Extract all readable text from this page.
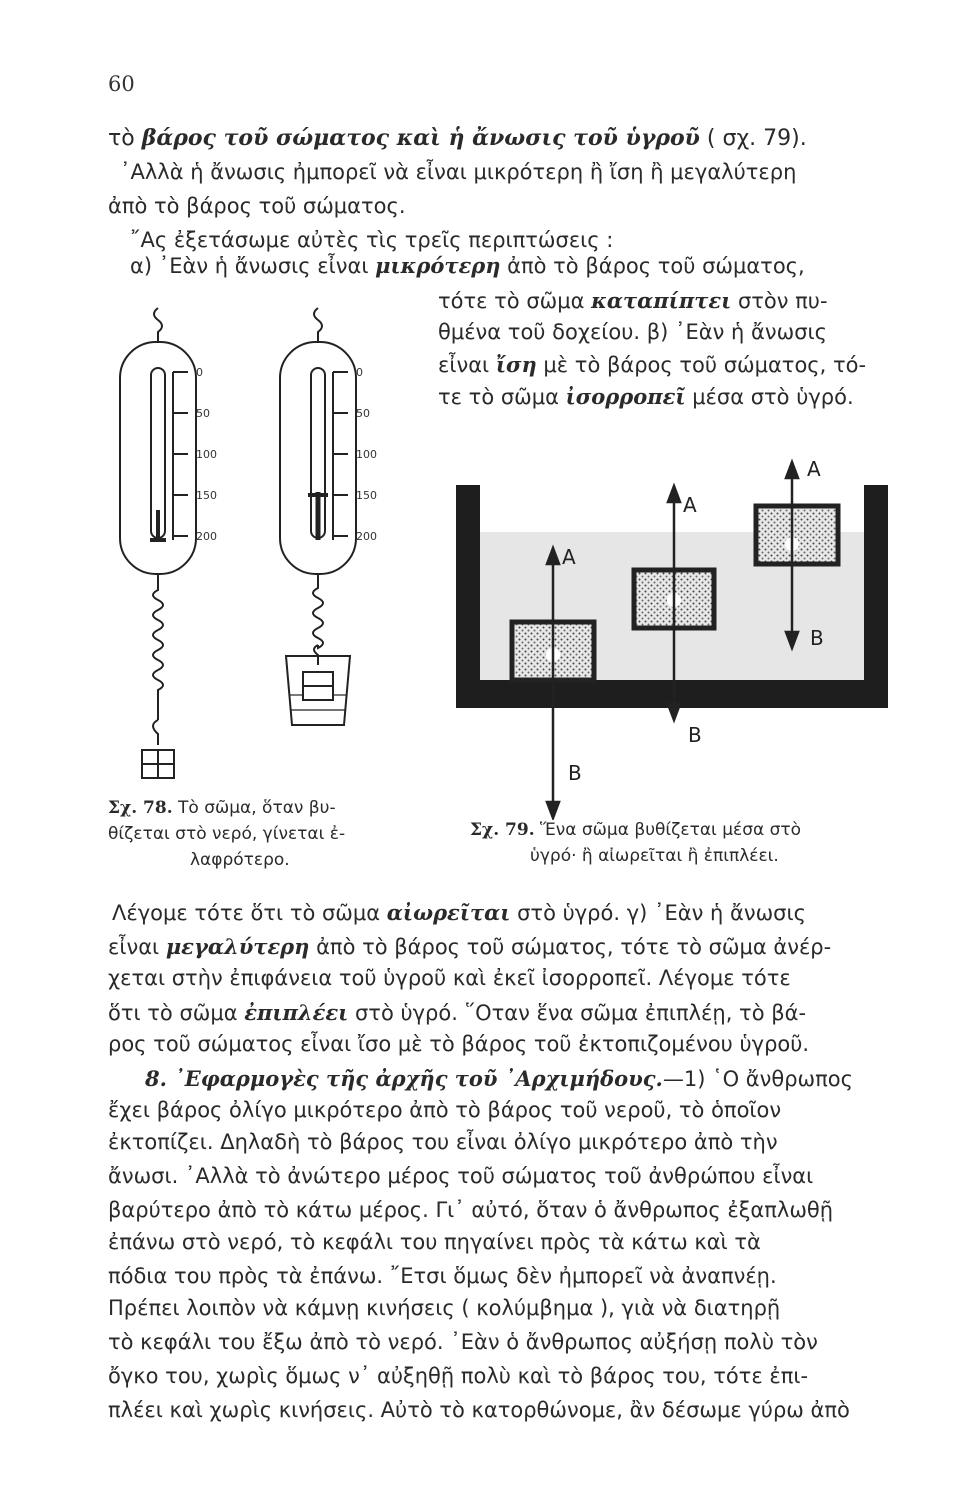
60
τὸ βάρος τοῦ σώματος καὶ ἡ ἄνωσις τοῦ ὑγροῦ ( σχ. 79).
᾿Αλλὰ ἡ ἄνωσις ἠμπορεῖ νὰ εἶναι μικρότερη ἢ ἴση ἢ μεγαλύτερη
ἀπὸ τὸ βάρος τοῦ σώματος.
῎Ας ἐξετάσωμε αὐτὲς τὶς τρεῖς περιπτώσεις :
α) ᾿Εὰν ἡ ἄνωσις εἶναι μικρότερη ἀπὸ τὸ βάρος τοῦ σώματος,
τότε τὸ σῶμα καταπίπτει στὸν πυ-
θμένα τοῦ δοχείου. β) ᾿Εὰν ἡ ἄνωσις
εἶναι ἴση μὲ τὸ βάρος τοῦ σώματος, τό-
τε τὸ σῶμα ἰσορροπεῖ μέσα στὸ ὑγρό.
0
50
100
150
200
0
50
100
150
200
Σχ. 78. Τὸ σῶμα, ὅταν βυ-
θίζεται στὸ νερό, γίνεται ἐ-
λαφρότερο.
A
A
A
B
B
B
Σχ. 79. Ἕνα σῶμα βυθίζεται μέσα στὸ
ὑγρό· ἢ αἰωρεῖται ἢ ἐπιπλέει.
Λέγομε τότε ὅτι τὸ σῶμα αἰωρεῖται στὸ ὑγρό. γ) ᾿Εὰν ἡ ἄνωσις
εἶναι μεγαλύτερη ἀπὸ τὸ βάρος τοῦ σώματος, τότε τὸ σῶμα ἀνέρ-
χεται στὴν ἐπιφάνεια τοῦ ὑγροῦ καὶ ἐκεῖ ἰσορροπεῖ. Λέγομε τότε
ὅτι τὸ σῶμα ἐπιπλέει στὸ ὑγρό. ῞Οταν ἕνα σῶμα ἐπιπλέῃ, τὸ βά-
ρος τοῦ σώματος εἶναι ἴσο μὲ τὸ βάρος τοῦ ἐκτοπιζομένου ὑγροῦ.
8. ᾿Εφαρμογὲς τῆς ἀρχῆς τοῦ ᾿Αρχιμήδους.—1) ῾Ο ἄνθρωπος
ἔχει βάρος ὀλίγο μικρότερο ἀπὸ τὸ βάρος τοῦ νεροῦ, τὸ ὁποῖον
ἐκτοπίζει. Δηλαδὴ τὸ βάρος του εἶναι ὀλίγο μικρότερο ἀπὸ τὴν
ἄνωσι. ᾿Αλλὰ τὸ ἀνώτερο μέρος τοῦ σώματος τοῦ ἀνθρώπου εἶναι
βαρύτερο ἀπὸ τὸ κάτω μέρος. Γι᾿ αὐτό, ὅταν ὁ ἄνθρωπος ἐξαπλωθῇ
ἐπάνω στὸ νερό, τὸ κεφάλι του πηγαίνει πρὸς τὰ κάτω καὶ τὰ
πόδια του πρὸς τὰ ἐπάνω. ῎Ετσι ὅμως δὲν ἠμπορεῖ νὰ ἀναπνέῃ.
Πρέπει λοιπὸν νὰ κάμνῃ κινήσεις ( κολύμβημα ), γιὰ νὰ διατηρῇ
τὸ κεφάλι του ἔξω ἀπὸ τὸ νερό. ᾿Εὰν ὁ ἄνθρωπος αὐξήσῃ πολὺ τὸν
ὄγκο του, χωρὶς ὅμως ν᾿ αὐξηθῇ πολὺ καὶ τὸ βάρος του, τότε ἐπι-
πλέει καὶ χωρὶς κινήσεις. Αὐτὸ τὸ κατορθώνομε, ἂν δέσωμε γύρω ἀπὸ
